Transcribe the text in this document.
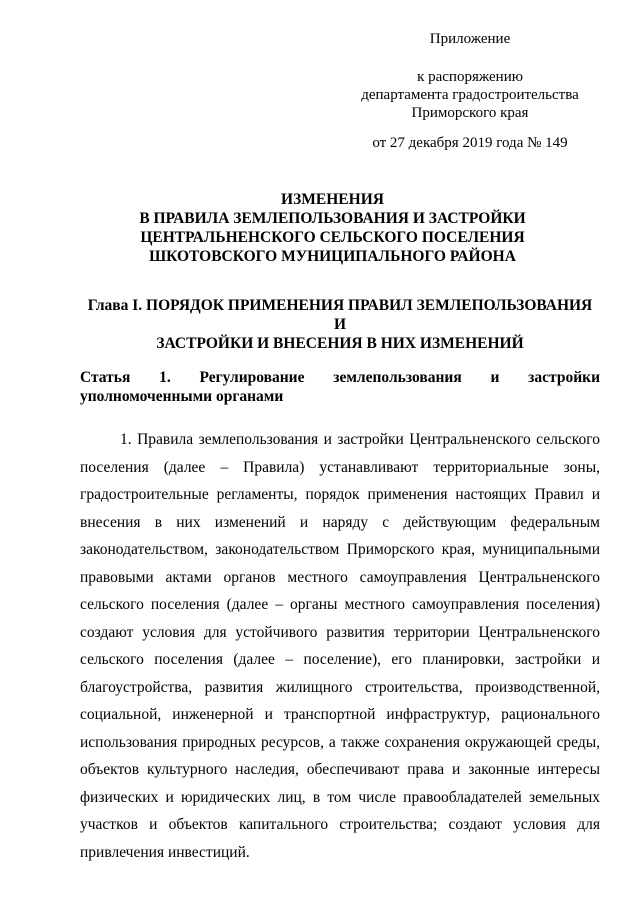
Приложение
к распоряжению
департамента градостроительства
Приморского края
от 27 декабря 2019 года № 149
ИЗМЕНЕНИЯ
В ПРАВИЛА ЗЕМЛЕПОЛЬЗОВАНИЯ И ЗАСТРОЙКИ
ЦЕНТРАЛЬНЕНСКОГО СЕЛЬСКОГО ПОСЕЛЕНИЯ
ШКОТОВСКОГО МУНИЦИПАЛЬНОГО РАЙОНА
Глава I. ПОРЯДОК ПРИМЕНЕНИЯ ПРАВИЛ ЗЕМЛЕПОЛЬЗОВАНИЯ И
ЗАСТРОЙКИ И ВНЕСЕНИЯ В НИХ ИЗМЕНЕНИЙ
Статья 1. Регулирование землепользования и застройки уполномоченными органами

1. Правила землепользования и застройки Центральненского сельского поселения (далее – Правила) устанавливают территориальные зоны, градостроительные регламенты, порядок применения настоящих Правил и внесения в них изменений и наряду с действующим федеральным законодательством, законодательством Приморского края, муниципальными правовыми актами органов местного самоуправления Центральненского сельского поселения (далее – органы местного самоуправления поселения) создают условия для устойчивого развития территории Центральненского сельского поселения (далее – поселение), его планировки, застройки и благоустройства, развития жилищного строительства, производственной, социальной, инженерной и транспортной инфраструктур, рационального использования природных ресурсов, а также сохранения окружающей среды, объектов культурного наследия, обеспечивают права и законные интересы физических и юридических лиц, в том числе правообладателей земельных участков и объектов капитального строительства; создают условия для привлечения инвестиций.
